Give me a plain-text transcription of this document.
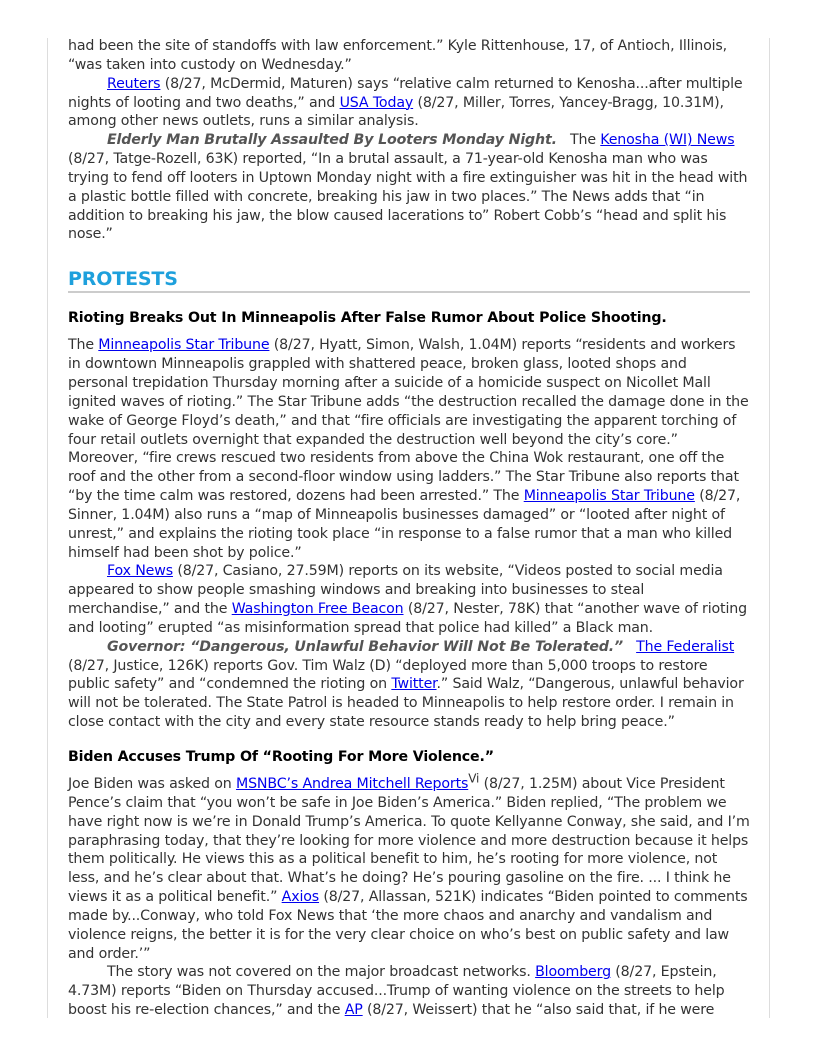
had been the site of standoffs with law enforcement.” Kyle Rittenhouse, 17, of Antioch, Illinois, “was taken into custody on Wednesday.”

Reuters (8/27, McDermid, Maturen) says “relative calm returned to Kenosha...after multiple nights of looting and two deaths,” and USA Today (8/27, Miller, Torres, Yancey-Bragg, 10.31M), among other news outlets, runs a similar analysis.

Elderly Man Brutally Assaulted By Looters Monday Night.   The Kenosha (WI) News (8/27, Tatge-Rozell, 63K) reported, “In a brutal assault, a 71-year-old Kenosha man who was trying to fend off looters in Uptown Monday night with a fire extinguisher was hit in the head with a plastic bottle filled with concrete, breaking his jaw in two places.” The News adds that “in addition to breaking his jaw, the blow caused lacerations to” Robert Cobb’s “head and split his nose.”

PROTESTS
Rioting Breaks Out In Minneapolis After False Rumor About Police Shooting.

The Minneapolis Star Tribune (8/27, Hyatt, Simon, Walsh, 1.04M) reports “residents and workers in downtown Minneapolis grappled with shattered peace, broken glass, looted shops and personal trepidation Thursday morning after a suicide of a homicide suspect on Nicollet Mall ignited waves of rioting.” The Star Tribune adds “the destruction recalled the damage done in the wake of George Floyd’s death,” and that “fire officials are investigating the apparent torching of four retail outlets overnight that expanded the destruction well beyond the city’s core.” Moreover, “fire crews rescued two residents from above the China Wok restaurant, one off the roof and the other from a second-floor window using ladders.” The Star Tribune also reports that “by the time calm was restored, dozens had been arrested.” The Minneapolis Star Tribune (8/27, Sinner, 1.04M) also runs a “map of Minneapolis businesses damaged” or “looted after night of unrest,” and explains the rioting took place “in response to a false rumor that a man who killed himself had been shot by police.”

Fox News (8/27, Casiano, 27.59M) reports on its website, “Videos posted to social media appeared to show people smashing windows and breaking into businesses to steal merchandise,” and the Washington Free Beacon (8/27, Nester, 78K) that “another wave of rioting and looting” erupted “as misinformation spread that police had killed” a Black man.

Governor: “Dangerous, Unlawful Behavior Will Not Be Tolerated.” The Federalist (8/27, Justice, 126K) reports Gov. Tim Walz (D) “deployed more than 5,000 troops to restore public safety” and “condemned the rioting on Twitter.” Said Walz, “Dangerous, unlawful behavior will not be tolerated. The State Patrol is headed to Minneapolis to help restore order. I remain in close contact with the city and every state resource stands ready to help bring peace.”

Biden Accuses Trump Of “Rooting For More Violence.”

Joe Biden was asked on MSNBC’s Andrea Mitchell Reports$^{Vi}$ (8/27, 1.25M) about Vice President Pence’s claim that “you won’t be safe in Joe Biden’s America.” Biden replied, “The problem we have right now is we’re in Donald Trump’s America. To quote Kellyanne Conway, she said, and I’m paraphrasing today, that they’re looking for more violence and more destruction because it helps them politically. He views this as a political benefit to him, he’s rooting for more violence, not less, and he’s clear about that. What’s he doing? He’s pouring gasoline on the fire. ... I think he views it as a political benefit.” Axios (8/27, Allassan, 521K) indicates “Biden pointed to comments made by...Conway, who told Fox News that ‘the more chaos and anarchy and vandalism and violence reigns, the better it is for the very clear choice on who’s best on public safety and law and order.’”

The story was not covered on the major broadcast networks. Bloomberg (8/27, Epstein, 4.73M) reports “Biden on Thursday accused...Trump of wanting violence on the streets to help boost his re-election chances,” and the AP (8/27, Weissert) that he “also said that, if he were
